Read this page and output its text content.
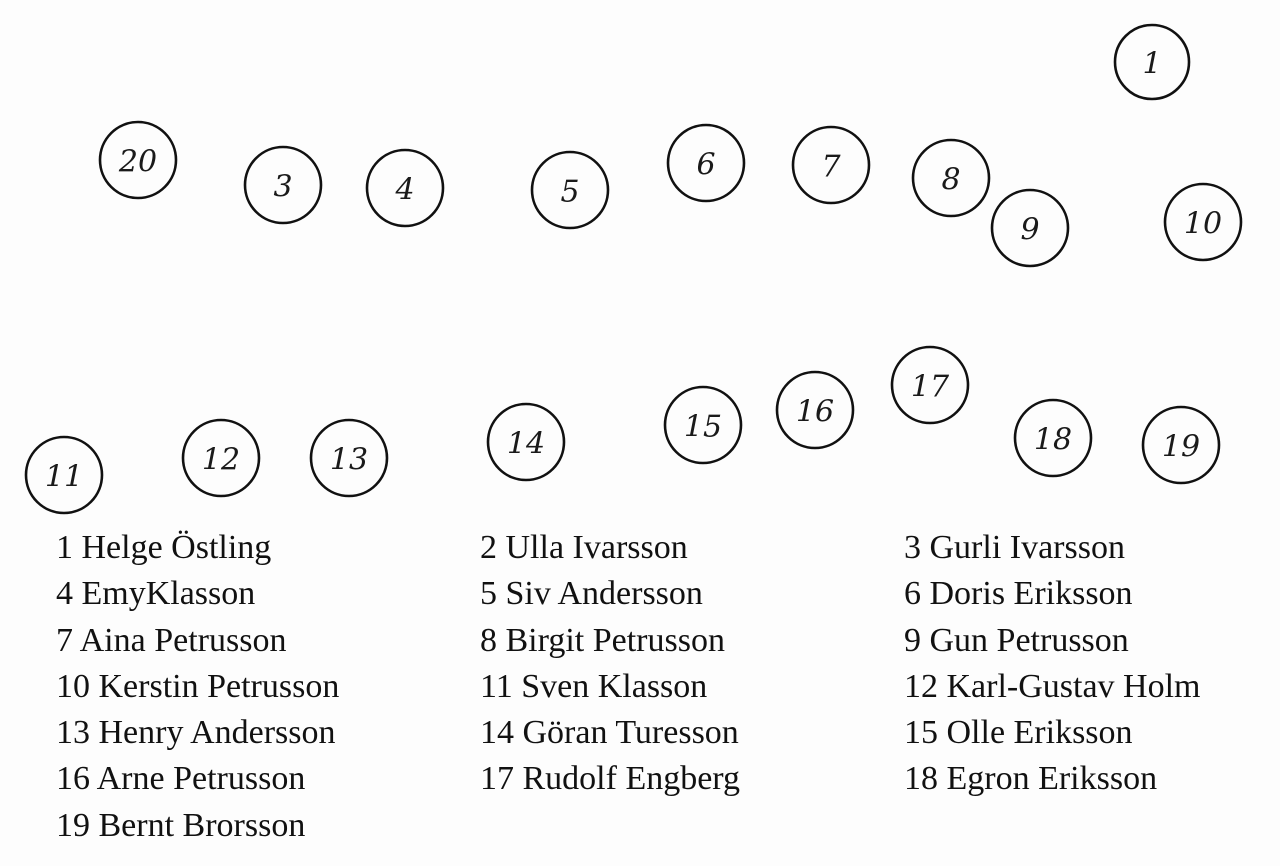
1
20
3	4	5
6	7	8
9	10
11	12	13	14	15 16
17
18	19
1 Helge Östling	2 Ulla Ivarsson	3 Gurli Ivarsson
4 EmyKlasson	5 Siv Andersson	6 Doris Eriksson
7 Aina Petrusson	8 Birgit Petrusson	9 Gun Petrusson
10 Kerstin Petrusson	11 Sven Klasson	12 Karl-Gustav Holm
13 Henry Andersson	14 Göran Turesson	15 Olle Eriksson
16 Arne Petrusson	17 Rudolf Engberg	18 Egron Eriksson
19 Bernt Brorsson
